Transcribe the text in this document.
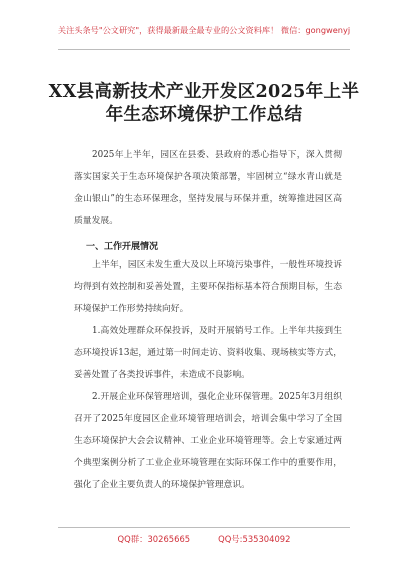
关注头条号"公文研究"，获得最新最全最专业的公文资料库！ 微信：gongwenyj
XX县高新技术产业开发区2025年上半
年生态环境保护工作总结
2025年上半年，园区在县委、县政府的悉心指导下，深入贯彻落实国家关于生态环境保护各项决策部署，牢固树立“绿水青山就是金山银山”的生态环保理念，坚持发展与环保并重，统筹推进园区高质量发展。
一、工作开展情况
上半年，园区未发生重大及以上环境污染事件，一般性环境投诉均得到有效控制和妥善处置，主要环保指标基本符合预期目标，生态环境保护工作形势持续向好。
1.高效处理群众环保投诉，及时开展销号工作。上半年共接到生态环境投诉13起，通过第一时间走访、资料收集、现场核实等方式，妥善处置了各类投诉事件，未造成不良影响。
2.开展企业环保管理培训，强化企业环保管理。2025年3月组织召开了2025年度园区企业环境管理培训会，培训会集中学习了全国生态环境保护大会会议精神、工业企业环境管理等。会上专家通过两个典型案例分析了工业企业环境管理在实际环保工作中的重要作用，强化了企业主要负责人的环境保护管理意识。
QQ群：30265665	QQ号:535304092
